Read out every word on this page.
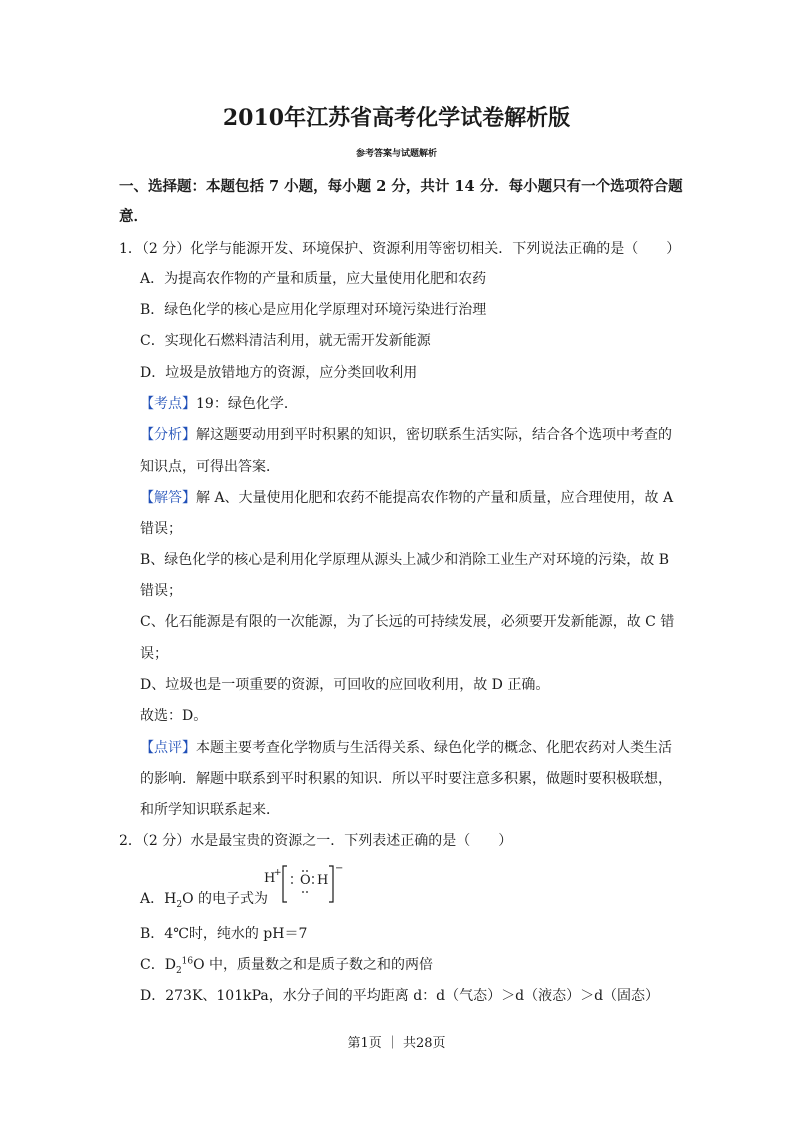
2010年江苏省高考化学试卷解析版
参考答案与试题解析
一、选择题：本题包括 7 小题，每小题 2 分，共计 14 分．每小题只有一个选项符合题
意．
1．（2 分）化学与能源开发、环境保护、资源利用等密切相关．下列说法正确的是（　　）
A．为提高农作物的产量和质量，应大量使用化肥和农药
B．绿色化学的核心是应用化学原理对环境污染进行治理
C．实现化石燃料清洁利用，就无需开发新能源
D．垃圾是放错地方的资源，应分类回收利用
【考点】19：绿色化学．
【分析】解这题要动用到平时积累的知识，密切联系生活实际，结合各个选项中考查的
知识点，可得出答案．
【解答】解 A、大量使用化肥和农药不能提高农作物的产量和质量，应合理使用，故 A
错误；
B、绿色化学的核心是利用化学原理从源头上减少和消除工业生产对环境的污染，故 B
错误；
C、化石能源是有限的一次能源，为了长远的可持续发展，必须要开发新能源，故 C 错
误；
D、垃圾也是一项重要的资源，可回收的应回收利用，故 D 正确。
故选：D。
【点评】本题主要考查化学物质与生活得关系、绿色化学的概念、化肥农药对人类生活
的影响．解题中联系到平时积累的知识．所以平时要注意多积累，做题时要积极联想，
和所学知识联系起来．
2．（2 分）水是最宝贵的资源之一．下列表述正确的是（　　）
A．$H_2O$ 的电子式为
H
+ O H
−
B．4℃时，纯水的 pH＝7
C．$D_2^{16}O$ 中，质量数之和是质子数之和的两倍
D．273K、101kPa，水分子间的平均距离 d：d（气态）＞d（液态）＞d（固态）
第1页 ｜ 共28页
